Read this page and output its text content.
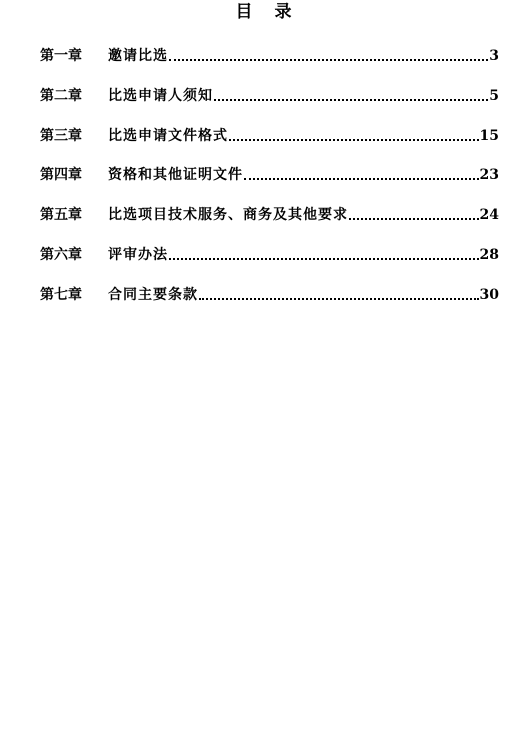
目 录
第一章	邀请比选	3
第二章	比选申请人须知	5
第三章	比选申请文件格式	15
第四章	资格和其他证明文件	23
第五章	比选项目技术服务、商务及其他要求	24
第六章	评审办法	28
第七章	合同主要条款	30
